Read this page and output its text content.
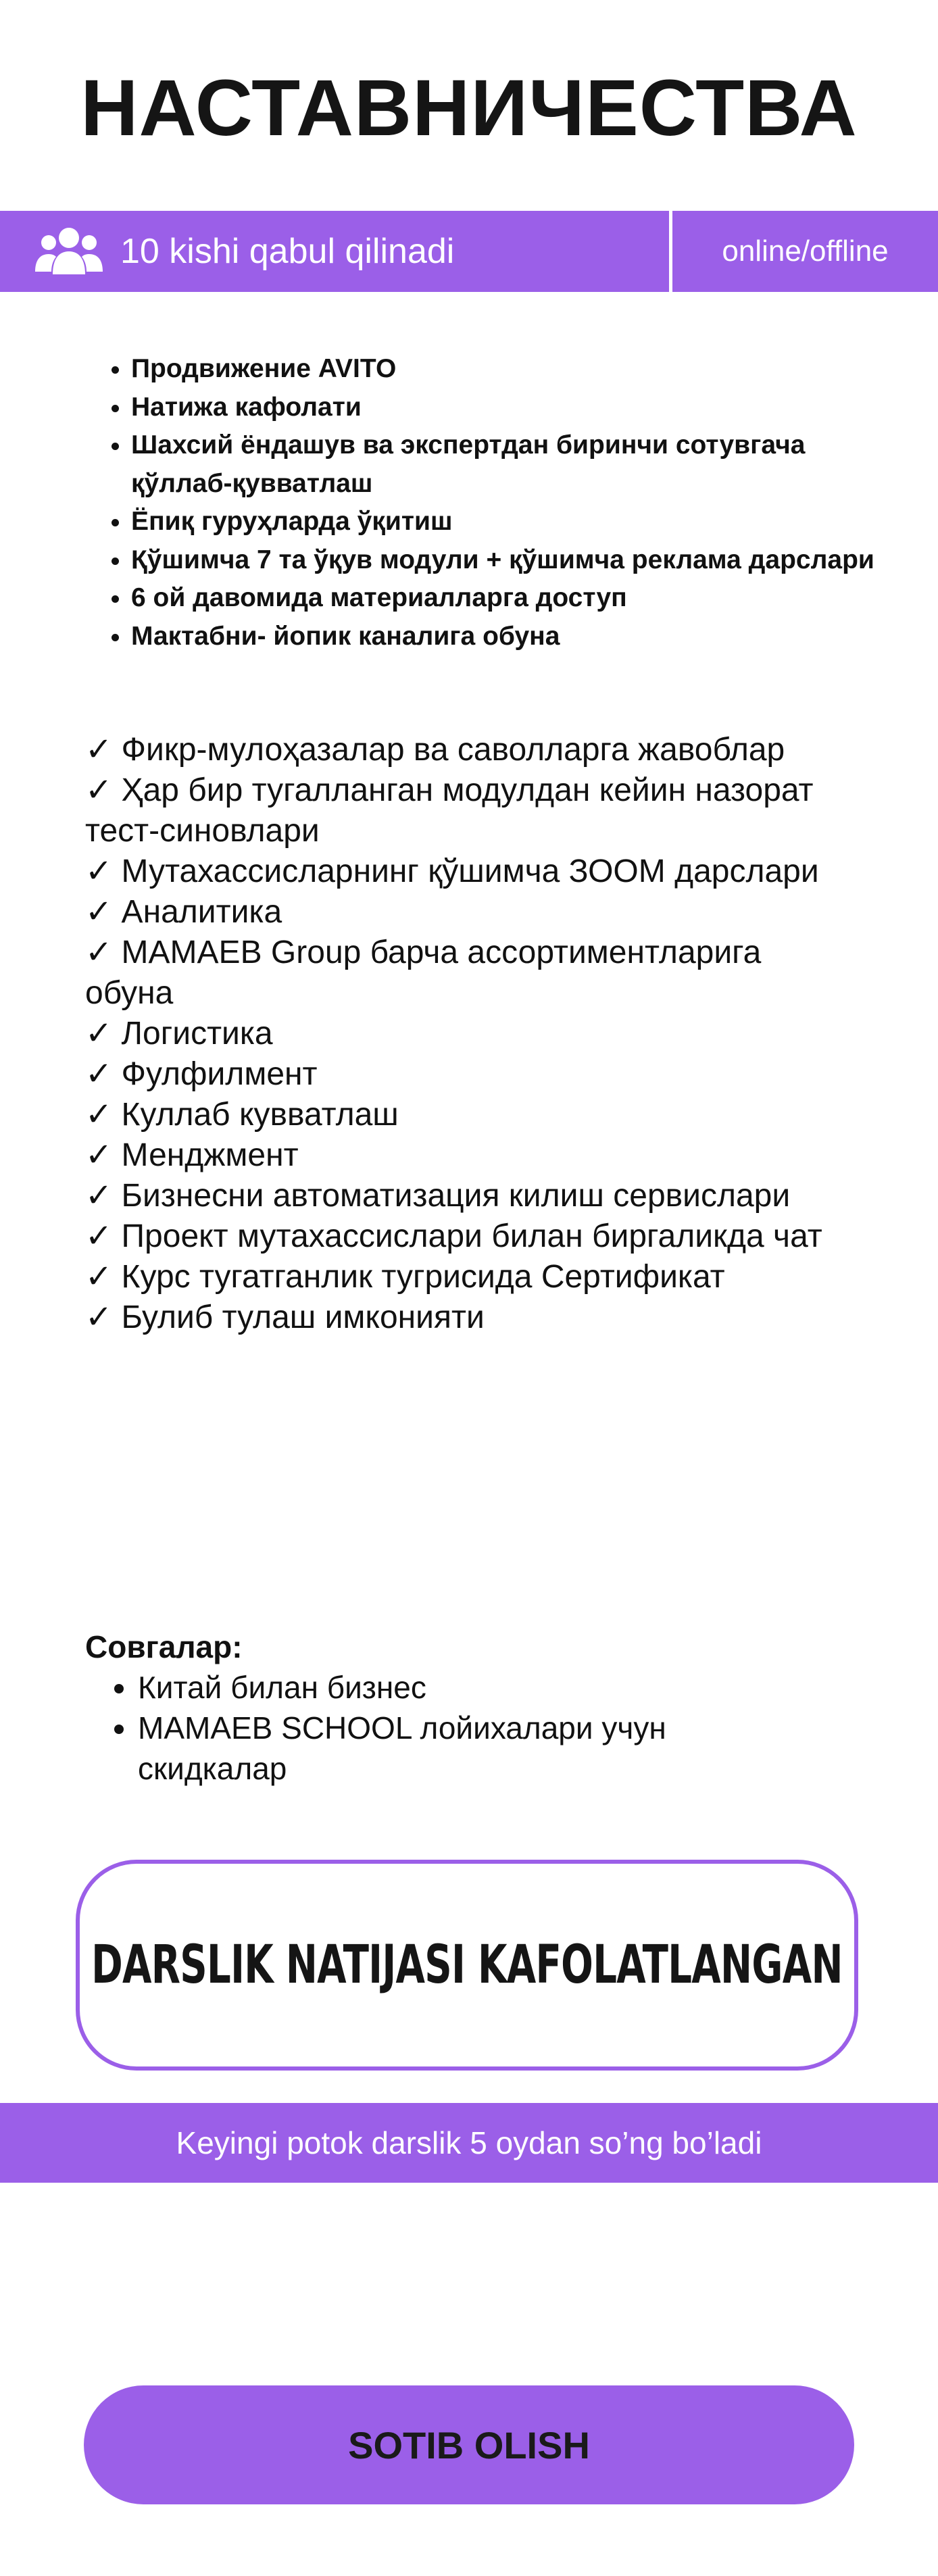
НАСТАВНИЧЕСТВА
10 kishi qabul qilinadi	online/offline
• Продвижение AVITO
• Натижа кафолати
• Шахсий ёндашув ва экспертдан биринчи сотувгача қўллаб-қувватлаш
• Ёпиқ гуруҳларда ўқитиш
• Қўшимча 7 та ўқув модули + қўшимча реклама дарслари
• 6 ой давомида материалларга доступ
• Мактабни- йопик каналига обуна
✓ Фикр-мулоҳазалар ва саволларга жавоблар
✓ Ҳар бир тугалланган модулдан кейин назорат
тест-синовлари
✓ Мутахассисларнинг қўшимча ЗООМ дарслари
✓ Аналитика
✓ MAMAEB Group барча ассортиментларига обуна
✓ Логистика
✓ Фулфилмент
✓ Куллаб кувватлаш
✓ Менджмент
✓ Бизнесни автоматизация килиш сервислари
✓ Проект мутахассислари билан биргаликда чат
✓ Курс тугатганлик тугрисида Сертификат
✓ Булиб тулаш имконияти
Совгалар:
• Китай билан бизнес
• MAMAEB SCHOOL лойихалари учун скидкалар
DARSLIK NATIJASI KAFOLATLANGAN
Keyingi potok darslik 5 oydan so’ng bo’ladi
SOTIB OLISH
